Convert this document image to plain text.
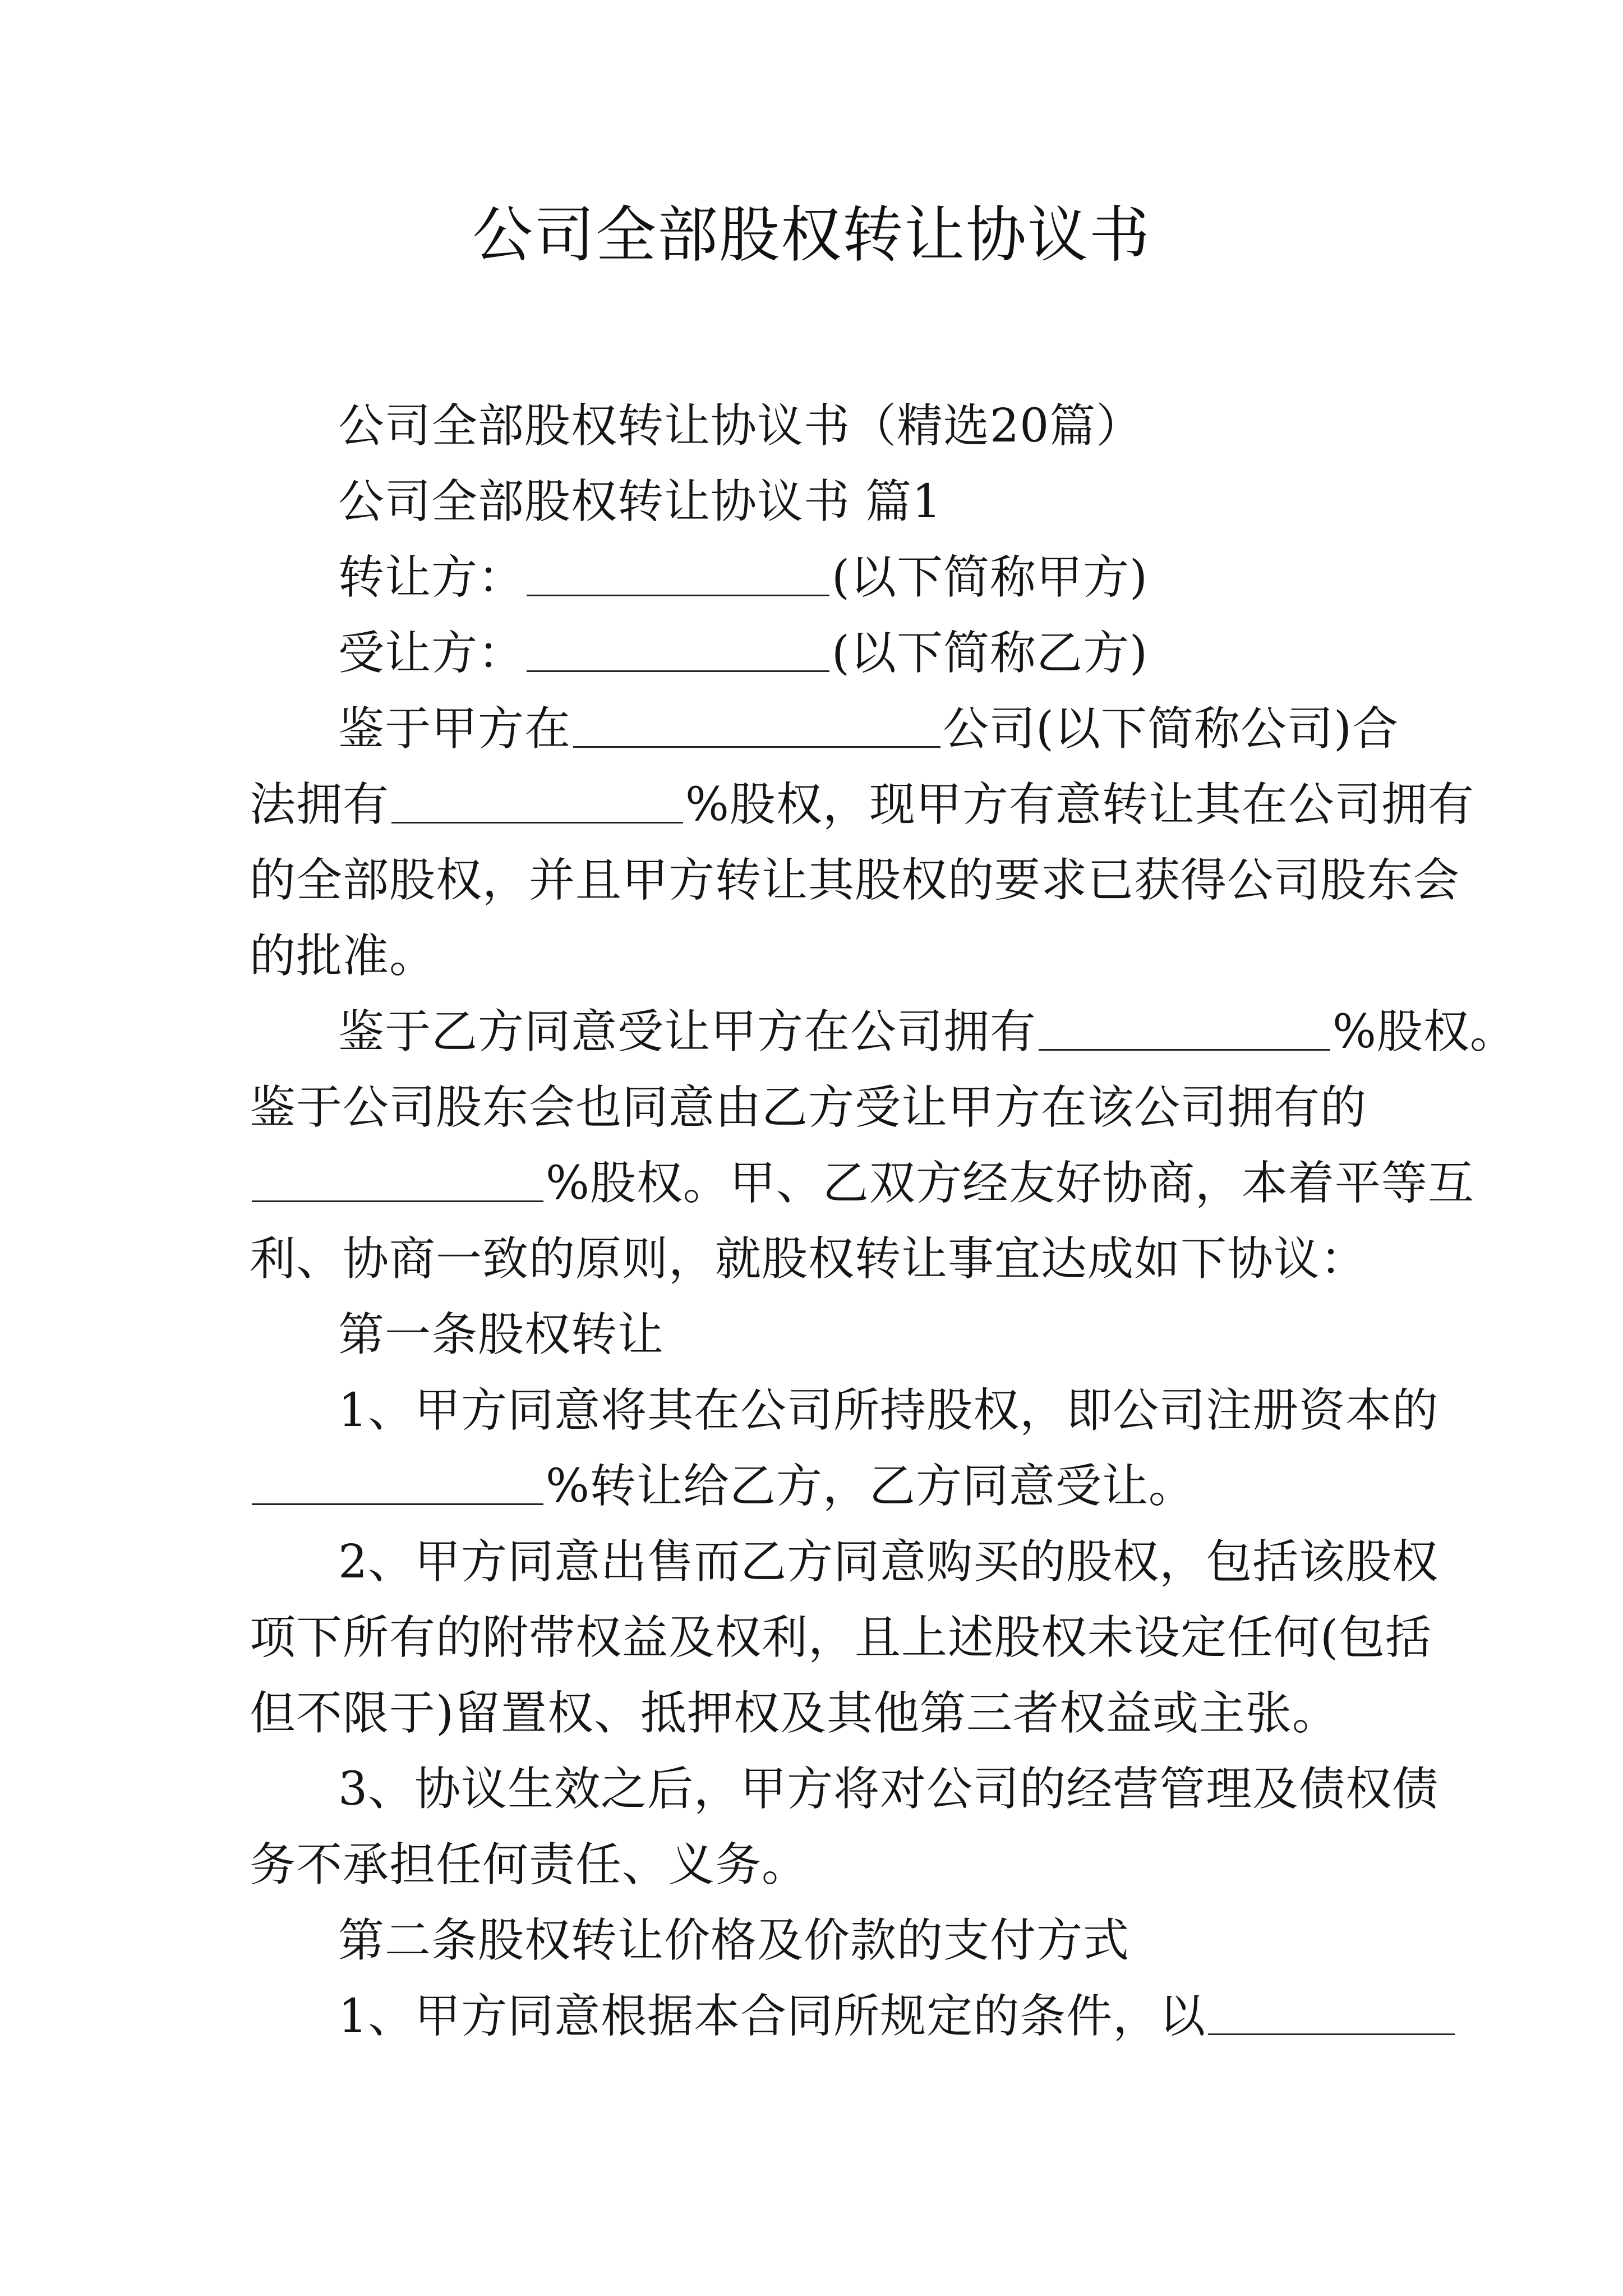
公司全部股权转让协议书
公司全部股权转让协议书（精选20篇）
公司全部股权转让协议书 篇1
转让方：	(以下简称甲方)
受让方：	(以下简称乙方)
鉴于甲方在	公司(以下简称公司)合
法拥有	%股权，现甲方有意转让其在公司拥有
的全部股权，并且甲方转让其股权的要求已获得公司股东会
的批准。
鉴于乙方同意受让甲方在公司拥有	%股权。
鉴于公司股东会也同意由乙方受让甲方在该公司拥有的
%股权。甲、乙双方经友好协商，本着平等互
利、协商一致的原则，就股权转让事宜达成如下协议：
第一条股权转让
1、甲方同意将其在公司所持股权，即公司注册资本的
%转让给乙方，乙方同意受让。
2、甲方同意出售而乙方同意购买的股权，包括该股权
项下所有的附带权益及权利，且上述股权未设定任何(包括
但不限于)留置权、抵押权及其他第三者权益或主张。
3、协议生效之后，甲方将对公司的经营管理及债权债
务不承担任何责任、义务。
第二条股权转让价格及价款的支付方式
1、甲方同意根据本合同所规定的条件，以
